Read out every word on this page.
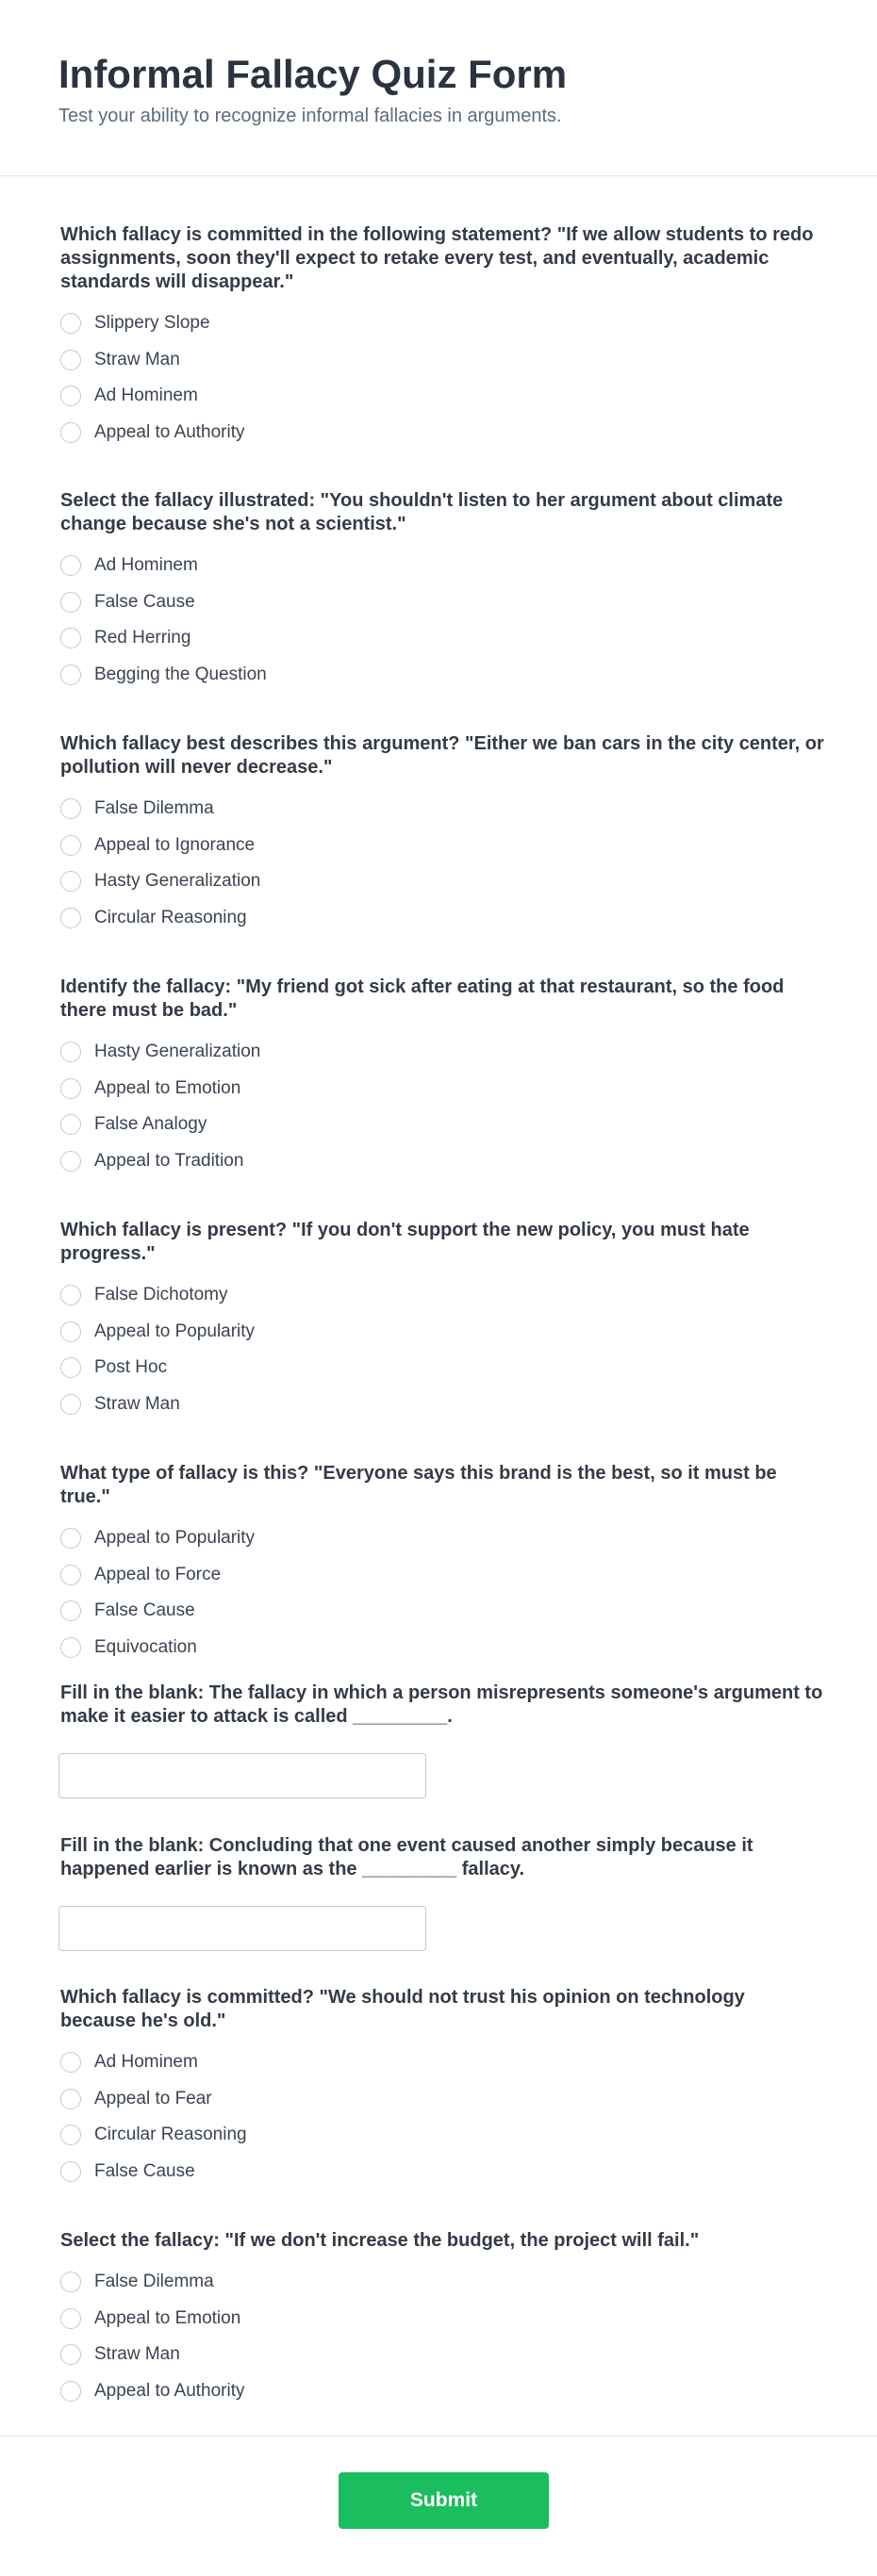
Informal Fallacy Quiz Form
Test your ability to recognize informal fallacies in arguments.

Which fallacy is committed in the following statement? "If we allow students to redo assignments, soon they'll expect to retake every test, and eventually, academic standards will disappear."

Slippery Slope
Straw Man
Ad Hominem
Appeal to Authority

Select the fallacy illustrated: "You shouldn't listen to her argument about climate change because she's not a scientist."

Ad Hominem
False Cause
Red Herring
Begging the Question

Which fallacy best describes this argument? "Either we ban cars in the city center, or pollution will never decrease."

False Dilemma
Appeal to Ignorance
Hasty Generalization
Circular Reasoning

Identify the fallacy: "My friend got sick after eating at that restaurant, so the food there must be bad."

Hasty Generalization
Appeal to Emotion
False Analogy
Appeal to Tradition

Which fallacy is present? "If you don't support the new policy, you must hate progress."

False Dichotomy
Appeal to Popularity
Post Hoc
Straw Man

What type of fallacy is this? "Everyone says this brand is the best, so it must be true."

Appeal to Popularity
Appeal to Force
False Cause
Equivocation

Fill in the blank: The fallacy in which a person misrepresents someone's argument to make it easier to attack is called _________.

Fill in the blank: Concluding that one event caused another simply because it happened earlier is known as the _________ fallacy.

Which fallacy is committed? "We should not trust his opinion on technology because he's old."

Ad Hominem
Appeal to Fear
Circular Reasoning
False Cause

Select the fallacy: "If we don't increase the budget, the project will fail."

False Dilemma
Appeal to Emotion
Straw Man
Appeal to Authority
Submit
